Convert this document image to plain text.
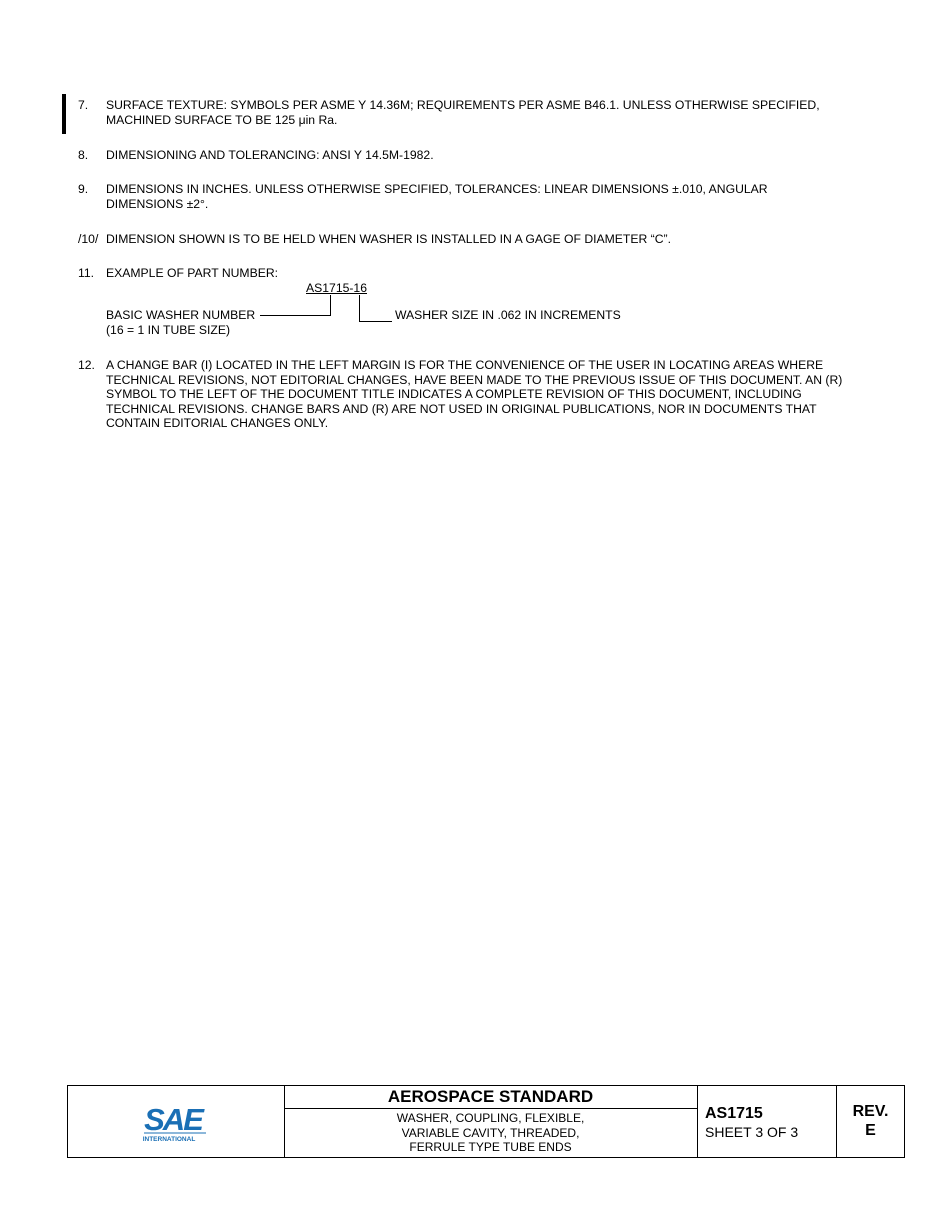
7. SURFACE TEXTURE: SYMBOLS PER ASME Y 14.36M; REQUIREMENTS PER ASME B46.1. UNLESS OTHERWISE SPECIFIED,
MACHINED SURFACE TO BE 125 μin Ra.
8. DIMENSIONING AND TOLERANCING: ANSI Y 14.5M-1982.
9. DIMENSIONS IN INCHES. UNLESS OTHERWISE SPECIFIED, TOLERANCES: LINEAR DIMENSIONS ±.010, ANGULAR
DIMENSIONS ±2°.
/10/ DIMENSION SHOWN IS TO BE HELD WHEN WASHER IS INSTALLED IN A GAGE OF DIAMETER “C”.
11. EXAMPLE OF PART NUMBER:
AS1715-16
BASIC WASHER NUMBER
(16 = 1 IN TUBE SIZE)
WASHER SIZE IN .062 IN INCREMENTS
12. A CHANGE BAR (I) LOCATED IN THE LEFT MARGIN IS FOR THE CONVENIENCE OF THE USER IN LOCATING AREAS WHERE
TECHNICAL REVISIONS, NOT EDITORIAL CHANGES, HAVE BEEN MADE TO THE PREVIOUS ISSUE OF THIS DOCUMENT. AN (R)
SYMBOL TO THE LEFT OF THE DOCUMENT TITLE INDICATES A COMPLETE REVISION OF THIS DOCUMENT, INCLUDING
TECHNICAL REVISIONS. CHANGE BARS AND (R) ARE NOT USED IN ORIGINAL PUBLICATIONS, NOR IN DOCUMENTS THAT
CONTAIN EDITORIAL CHANGES ONLY.
SAE
INTERNATIONAL
AEROSPACE STANDARD
WASHER, COUPLING, FLEXIBLE,
VARIABLE CAVITY, THREADED,
FERRULE TYPE TUBE ENDS
AS1715
SHEET 3 OF 3
REV.
E
